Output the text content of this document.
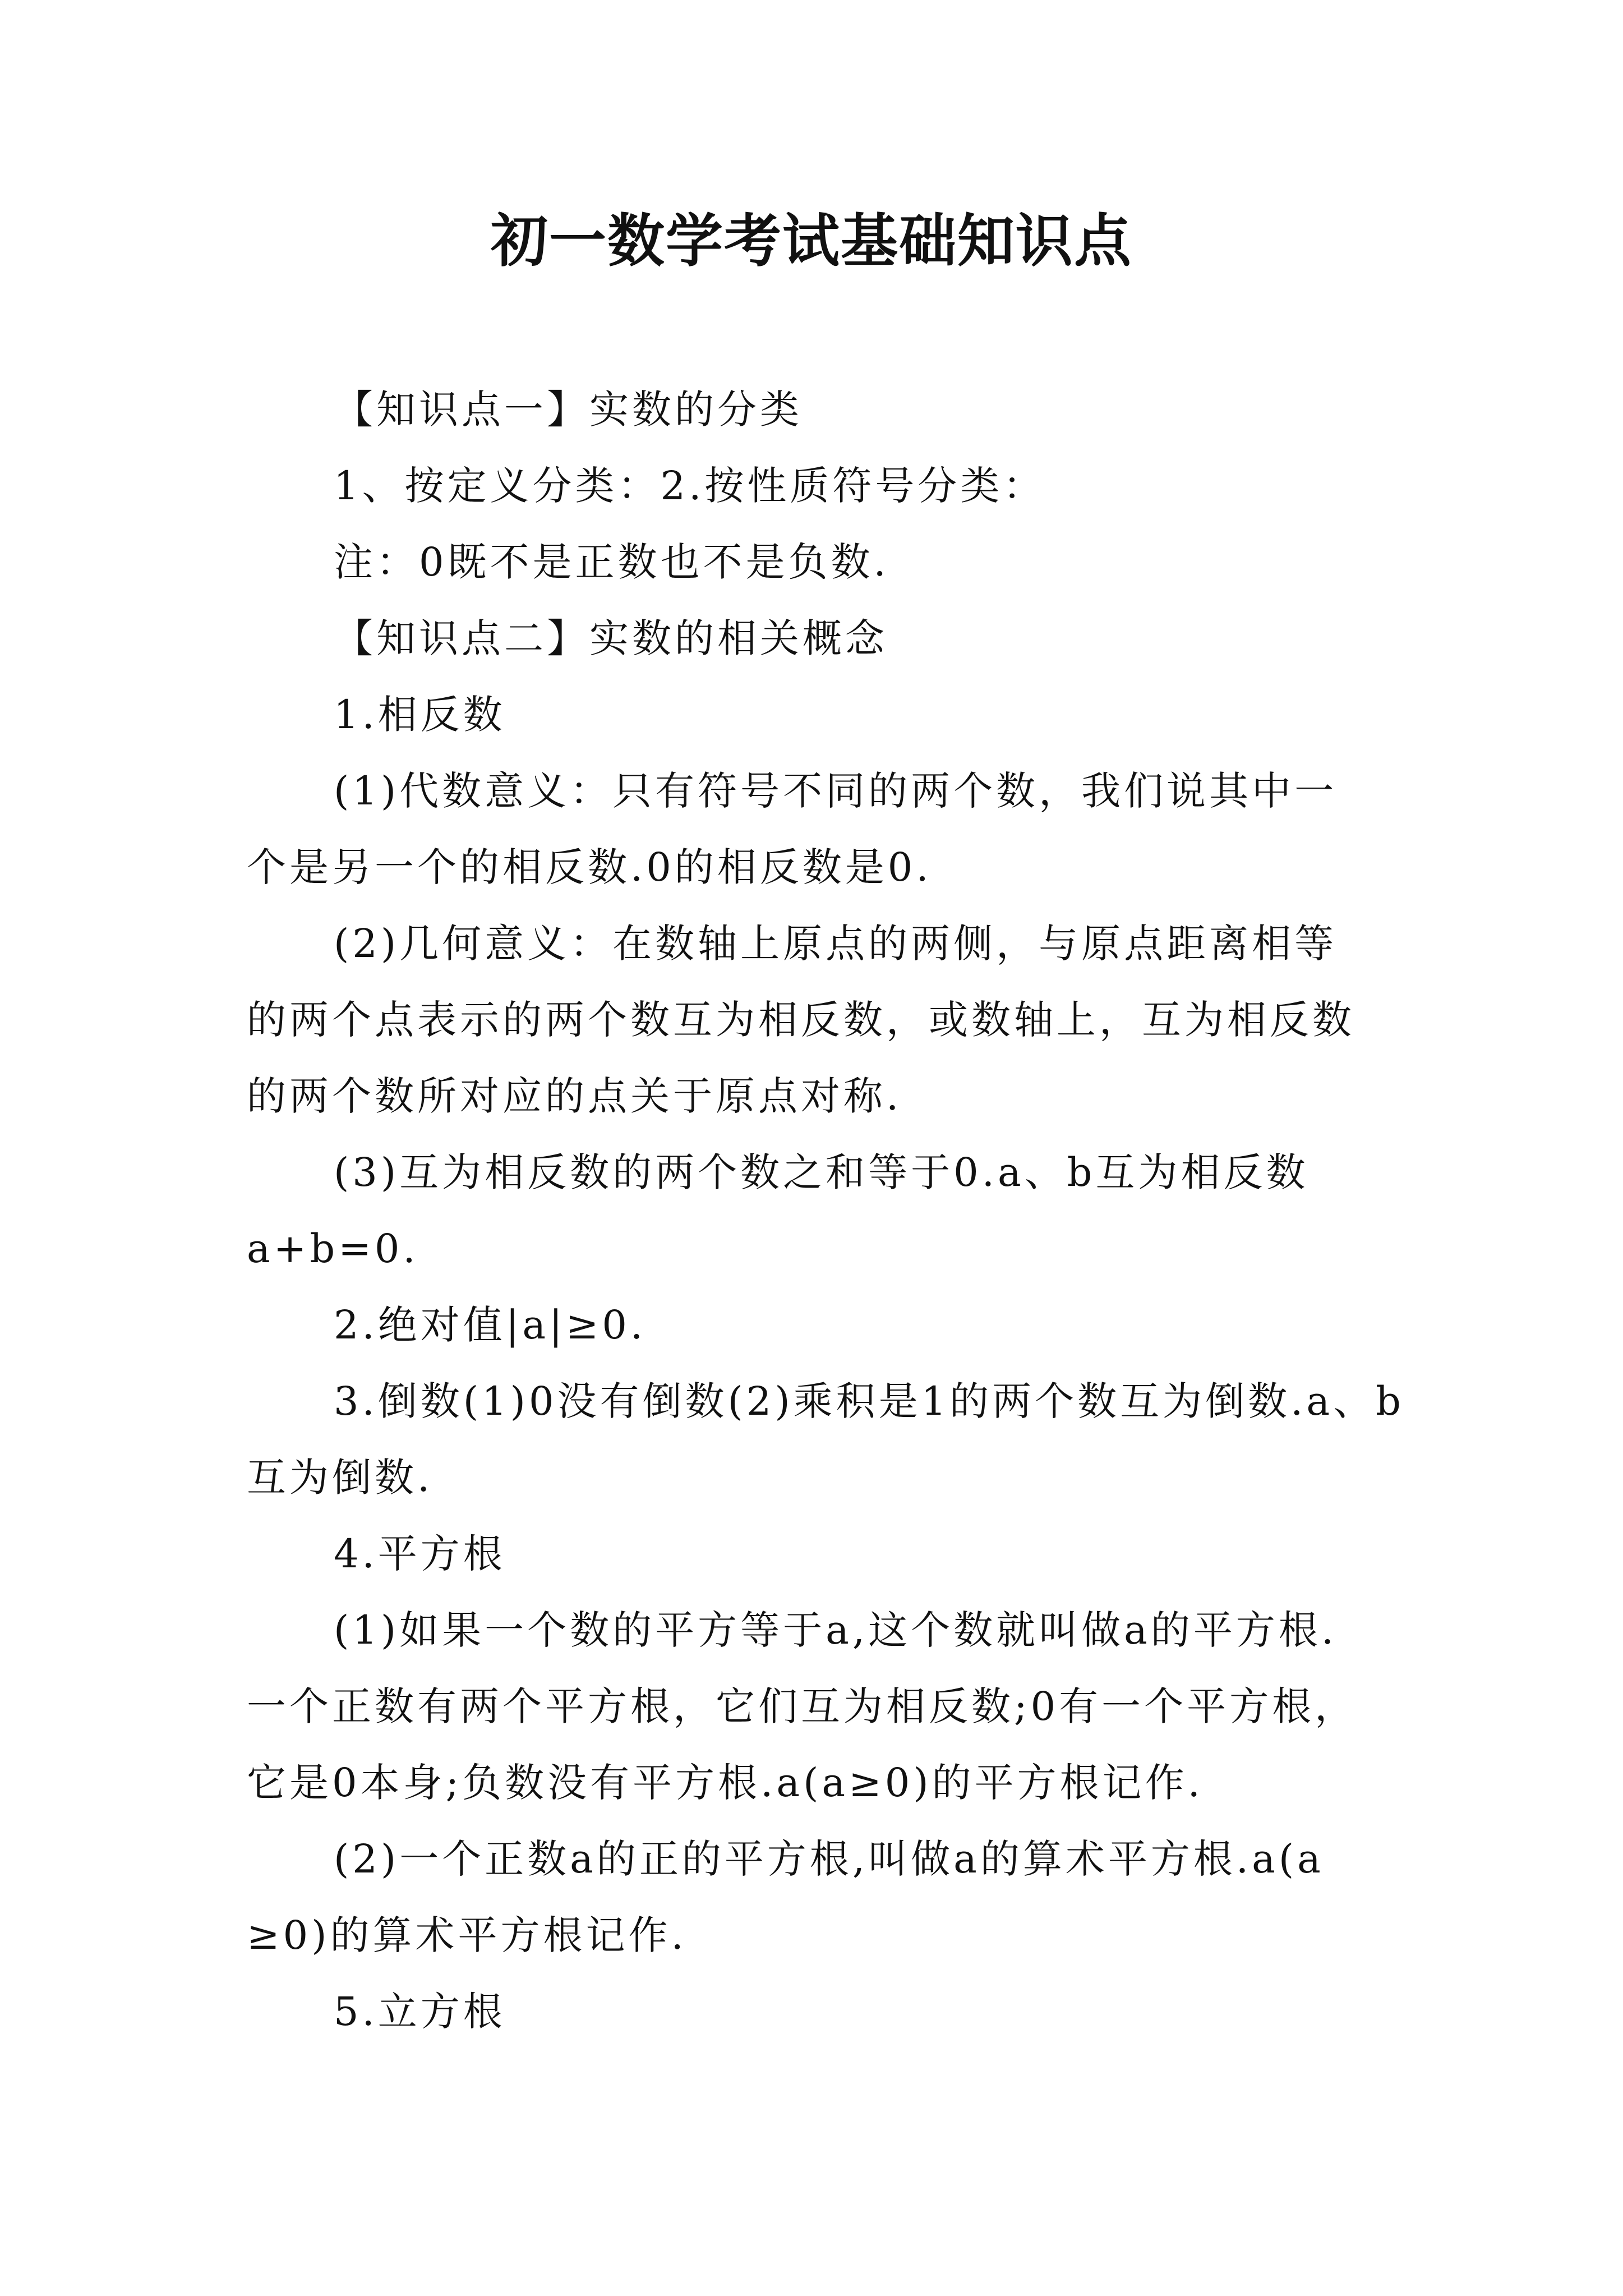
初一数学考试基础知识点
【知识点一】实数的分类
1、按定义分类：2.按性质符号分类：
注：0既不是正数也不是负数.
【知识点二】实数的相关概念
1.相反数
(1)代数意义：只有符号不同的两个数，我们说其中一
个是另一个的相反数.0的相反数是0.
(2)几何意义：在数轴上原点的两侧，与原点距离相等
的两个点表示的两个数互为相反数，或数轴上，互为相反数
的两个数所对应的点关于原点对称.
(3)互为相反数的两个数之和等于0.a、b互为相反数
a+b=0.
2.绝对值|a|≥0.
3.倒数(1)0没有倒数(2)乘积是1的两个数互为倒数.a、b
互为倒数.
4.平方根
(1)如果一个数的平方等于a,这个数就叫做a的平方根.
一个正数有两个平方根，它们互为相反数;0有一个平方根，
它是0本身;负数没有平方根.a(a≥0)的平方根记作.
(2)一个正数a的正的平方根,叫做a的算术平方根.a(a
≥0)的算术平方根记作.
5.立方根
